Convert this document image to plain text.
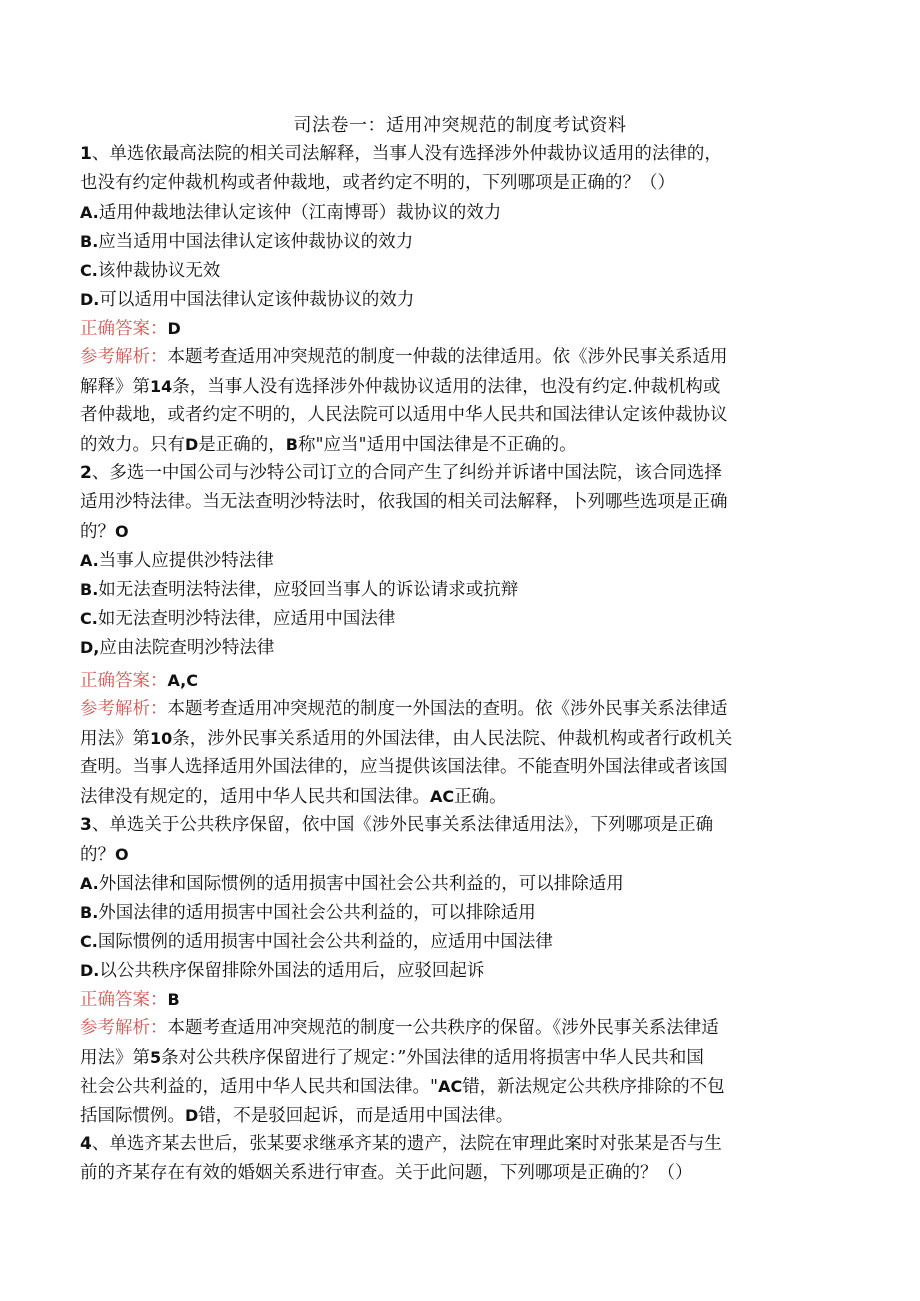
司法卷一：适用冲突规范的制度考试资料
1、单选依最高法院的相关司法解释，当事人没有选择涉外仲裁协议适用的法律的，
也没有约定仲裁机构或者仲裁地，或者约定不明的，下列哪项是正确的？（）
A.适用仲裁地法律认定该仲（江南博哥）裁协议的效力
B.应当适用中国法律认定该仲裁协议的效力
C.该仲裁协议无效
D.可以适用中国法律认定该仲裁协议的效力
正确答案：D
参考解析：本题考查适用冲突规范的制度一仲裁的法律适用。依《涉外民事关系适用
解释》第14条，当事人没有选择涉外仲裁协议适用的法律，也没有约定.仲裁机构或
者仲裁地，或者约定不明的，人民法院可以适用中华人民共和国法律认定该仲裁协议
的效力。只有D是正确的，B称"应当"适用中国法律是不正确的。
2、多选一中国公司与沙特公司订立的合同产生了纠纷并诉诸中国法院，该合同选择
适用沙特法律。当无法查明沙特法时，依我国的相关司法解释，卜列哪些选项是正确
的？O
A.当事人应提供沙特法律
B.如无法查明法特法律，应驳回当事人的诉讼请求或抗辩
C.如无法查明沙特法律，应适用中国法律
D,应由法院查明沙特法律
正确答案：A,C
参考解析：本题考查适用冲突规范的制度一外国法的查明。依《涉外民事关系法律适
用法》第10条，涉外民事关系适用的外国法律，由人民法院、仲裁机构或者行政机关
查明。当事人选择适用外国法律的，应当提供该国法律。不能查明外国法律或者该国
法律没有规定的，适用中华人民共和国法律。AC正确。
3、单选关于公共秩序保留，依中国《涉外民事关系法律适用法》，下列哪项是正确
的？O
A.外国法律和国际惯例的适用损害中国社会公共利益的，可以排除适用
B.外国法律的适用损害中国社会公共利益的，可以排除适用
C.国际惯例的适用损害中国社会公共利益的，应适用中国法律
D.以公共秩序保留排除外国法的适用后，应驳回起诉
正确答案：B
参考解析：本题考查适用冲突规范的制度一公共秩序的保留。《涉外民事关系法律适
用法》第5条对公共秩序保留进行了规定：”外国法律的适用将损害中华人民共和国
社会公共利益的，适用中华人民共和国法律。"AC错，新法规定公共秩序排除的不包
括国际惯例。D错，不是驳回起诉，而是适用中国法律。
4、单选齐某去世后，张某要求继承齐某的遗产，法院在审理此案时对张某是否与生
前的齐某存在有效的婚姻关系进行审查。关于此问题，下列哪项是正确的？（）
